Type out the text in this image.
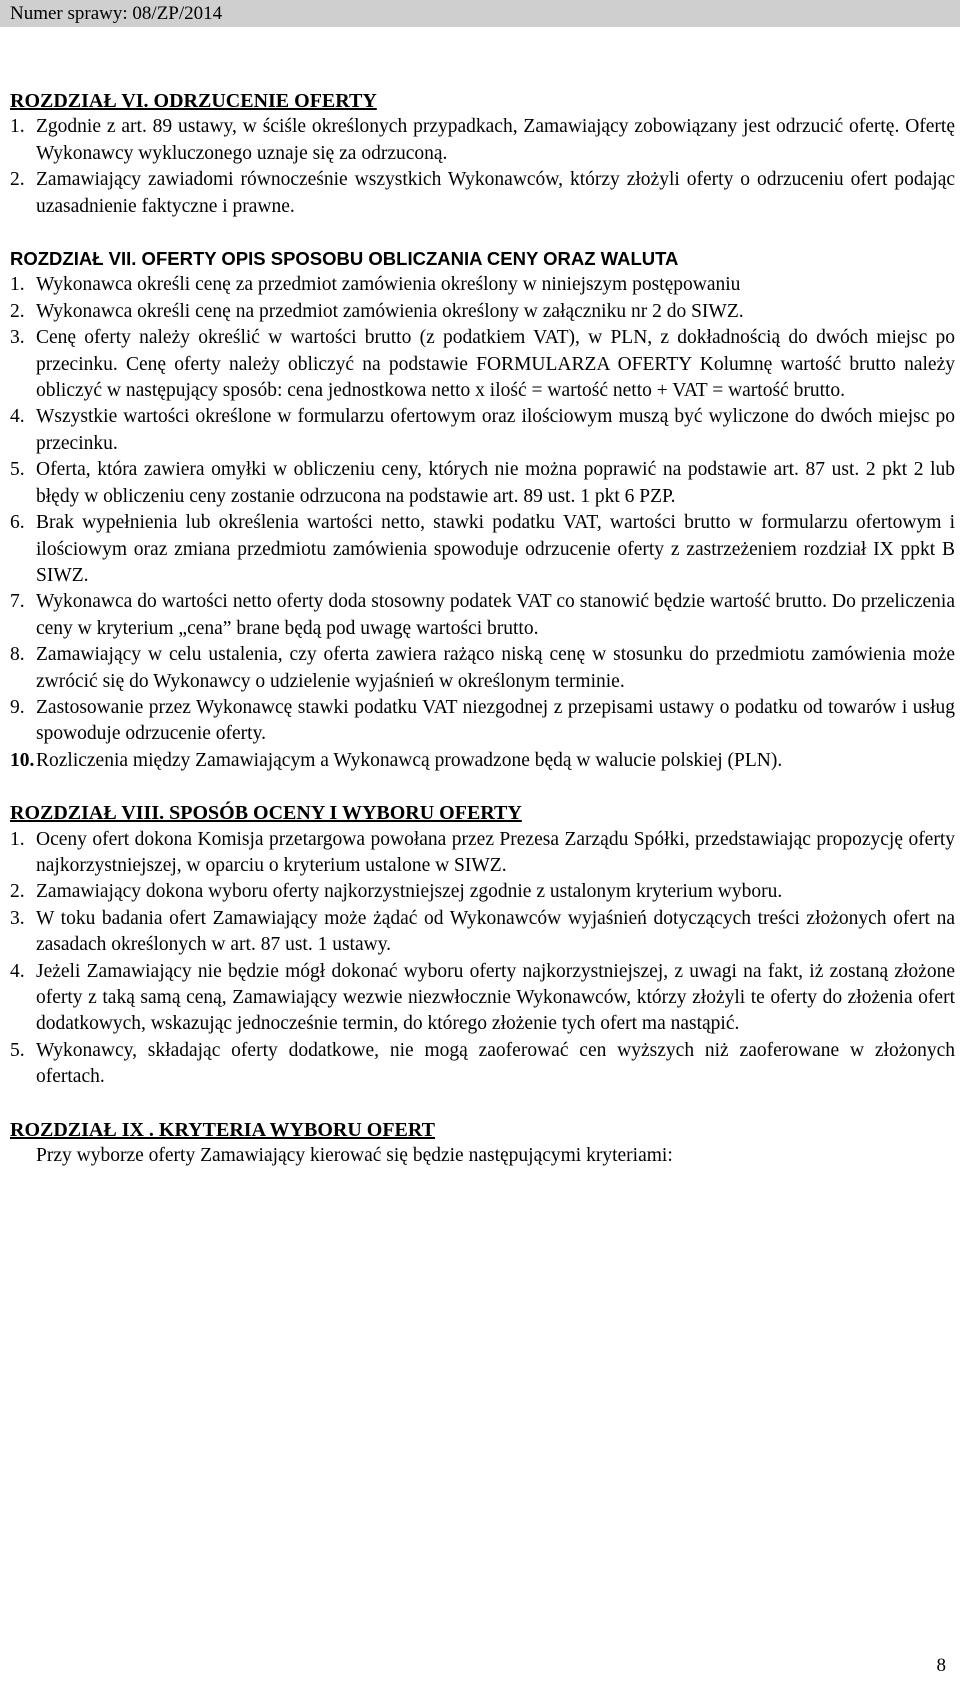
Numer sprawy: 08/ZP/2014
ROZDZIAŁ VI. ODRZUCENIE OFERTY
1. Zgodnie z art. 89 ustawy, w ściśle określonych przypadkach, Zamawiający zobowiązany jest odrzucić ofertę. Ofertę Wykonawcy wykluczonego uznaje się za odrzuconą.
2. Zamawiający zawiadomi równocześnie wszystkich Wykonawców, którzy złożyli oferty o odrzuceniu ofert podając uzasadnienie faktyczne i prawne.
ROZDZIAŁ VII. OFERTY OPIS SPOSOBU OBLICZANIA CENY ORAZ WALUTA
1. Wykonawca określi cenę za przedmiot zamówienia określony w niniejszym postępowaniu
2. Wykonawca określi cenę na przedmiot zamówienia określony w załączniku nr 2 do SIWZ.
3. Cenę oferty należy określić w wartości brutto (z podatkiem VAT), w PLN, z dokładnością do dwóch miejsc po przecinku. Cenę oferty należy obliczyć na podstawie FORMULARZA OFERTY Kolumnę wartość brutto należy obliczyć w następujący sposób: cena jednostkowa netto x ilość = wartość netto + VAT = wartość brutto.
4. Wszystkie wartości określone w formularzu ofertowym oraz ilościowym muszą być wyliczone do dwóch miejsc po przecinku.
5. Oferta, która zawiera omyłki w obliczeniu ceny, których nie można poprawić na podstawie art. 87 ust. 2 pkt 2 lub błędy w obliczeniu ceny zostanie odrzucona na podstawie art. 89 ust. 1 pkt 6 PZP.
6. Brak wypełnienia lub określenia wartości netto, stawki podatku VAT, wartości brutto w formularzu ofertowym i ilościowym oraz zmiana przedmiotu zamówienia spowoduje odrzucenie oferty z zastrzeżeniem rozdział IX ppkt B SIWZ.
7. Wykonawca do wartości netto oferty doda stosowny podatek VAT co stanowić będzie wartość brutto. Do przeliczenia ceny w kryterium „cena” brane będą pod uwagę wartości brutto.
8. Zamawiający w celu ustalenia, czy oferta zawiera rażąco niską cenę w stosunku do przedmiotu zamówienia może zwrócić się do Wykonawcy o udzielenie wyjaśnień w określonym terminie.
9. Zastosowanie przez Wykonawcę stawki podatku VAT niezgodnej z przepisami ustawy o podatku od towarów i usług spowoduje odrzucenie oferty.
10. Rozliczenia między Zamawiającym a Wykonawcą prowadzone będą w walucie polskiej (PLN).
ROZDZIAŁ VIII. SPOSÓB OCENY I WYBORU OFERTY
1. Oceny ofert dokona Komisja przetargowa powołana przez Prezesa Zarządu Spółki, przedstawiając propozycję oferty najkorzystniejszej, w oparciu o kryterium ustalone w SIWZ.
2. Zamawiający dokona wyboru oferty najkorzystniejszej zgodnie z ustalonym kryterium wyboru.
3. W toku badania ofert Zamawiający może żądać od Wykonawców wyjaśnień dotyczących treści złożonych ofert na zasadach określonych w art. 87 ust. 1 ustawy.
4. Jeżeli Zamawiający nie będzie mógł dokonać wyboru oferty najkorzystniejszej, z uwagi na fakt, iż zostaną złożone oferty z taką samą ceną, Zamawiający wezwie niezwłocznie Wykonawców, którzy złożyli te oferty do złożenia ofert dodatkowych, wskazując jednocześnie termin, do którego złożenie tych ofert ma nastąpić.
5. Wykonawcy, składając oferty dodatkowe, nie mogą zaoferować cen wyższych niż zaoferowane w złożonych ofertach.
ROZDZIAŁ IX . KRYTERIA WYBORU OFERT
Przy wyborze oferty Zamawiający kierować się będzie następującymi kryteriami:
8
